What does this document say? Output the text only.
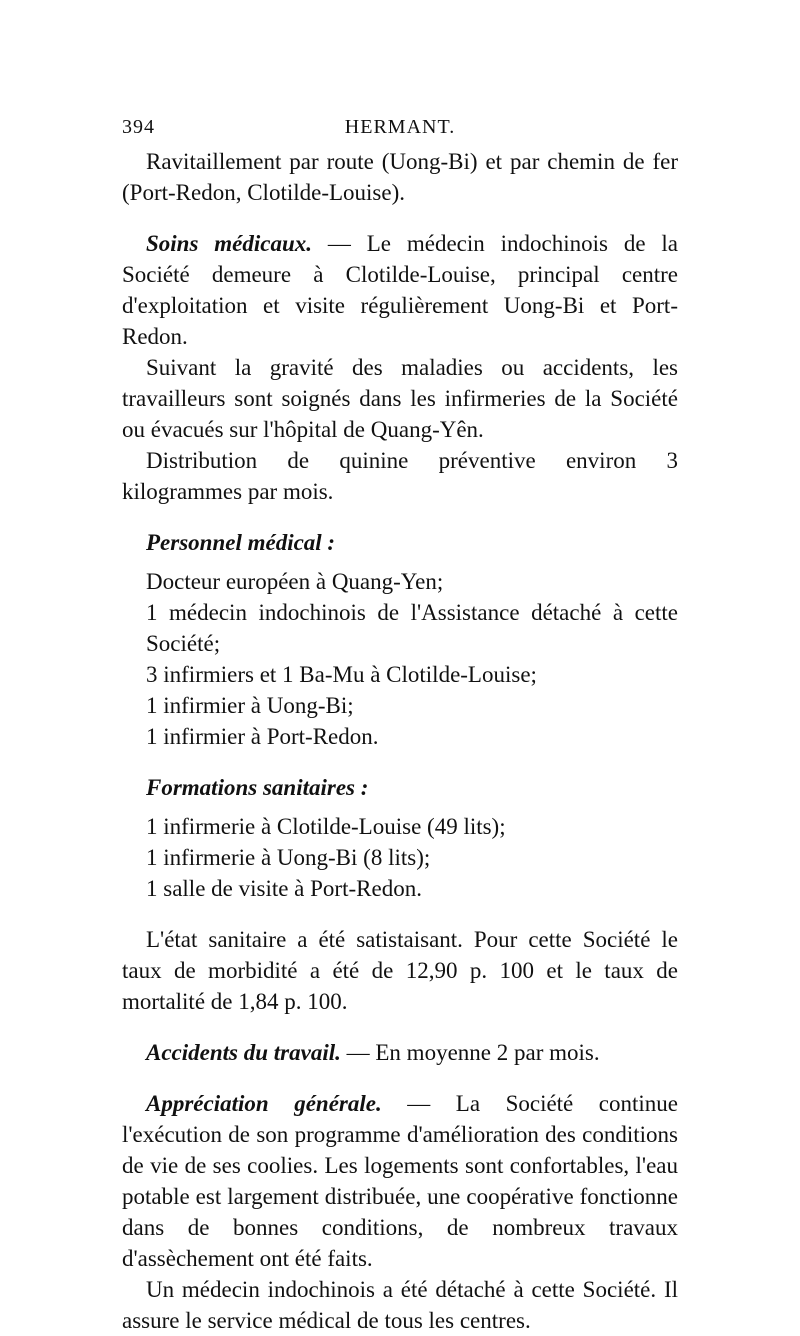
394	HERMANT.

Ravitaillement par route (Uong-Bi) et par chemin de fer (Port-Redon, Clotilde-Louise).

Soins médicaux. — Le médecin indochinois de la Société demeure à Clotilde-Louise, principal centre d'exploitation et visite régulièrement Uong-Bi et Port-Redon.

Suivant la gravité des maladies ou accidents, les travailleurs sont soignés dans les infirmeries de la Société ou évacués sur l'hôpital de Quang-Yên.

Distribution de quinine préventive environ 3 kilogrammes par mois.

Personnel médical :

Docteur européen à Quang-Yen;

1 médecin indochinois de l'Assistance détaché à cette Société;

3 infirmiers et 1 Ba-Mu à Clotilde-Louise;

1 infirmier à Uong-Bi;

1 infirmier à Port-Redon.

Formations sanitaires :

1 infirmerie à Clotilde-Louise (49 lits);

1 infirmerie à Uong-Bi (8 lits);

1 salle de visite à Port-Redon.

L'état sanitaire a été satistaisant. Pour cette Société le taux de morbidité a été de 12,90 p. 100 et le taux de mortalité de 1,84 p. 100.

Accidents du travail. — En moyenne 2 par mois.

Appréciation générale. — La Société continue l'exécution de son programme d'amélioration des conditions de vie de ses coolies. Les logements sont confortables, l'eau potable est largement distribuée, une coopérative fonctionne dans de bonnes conditions, de nombreux travaux d'assèchement ont été faits.

Un médecin indochinois a été détaché à cette Société. Il assure le service médical de tous les centres.
